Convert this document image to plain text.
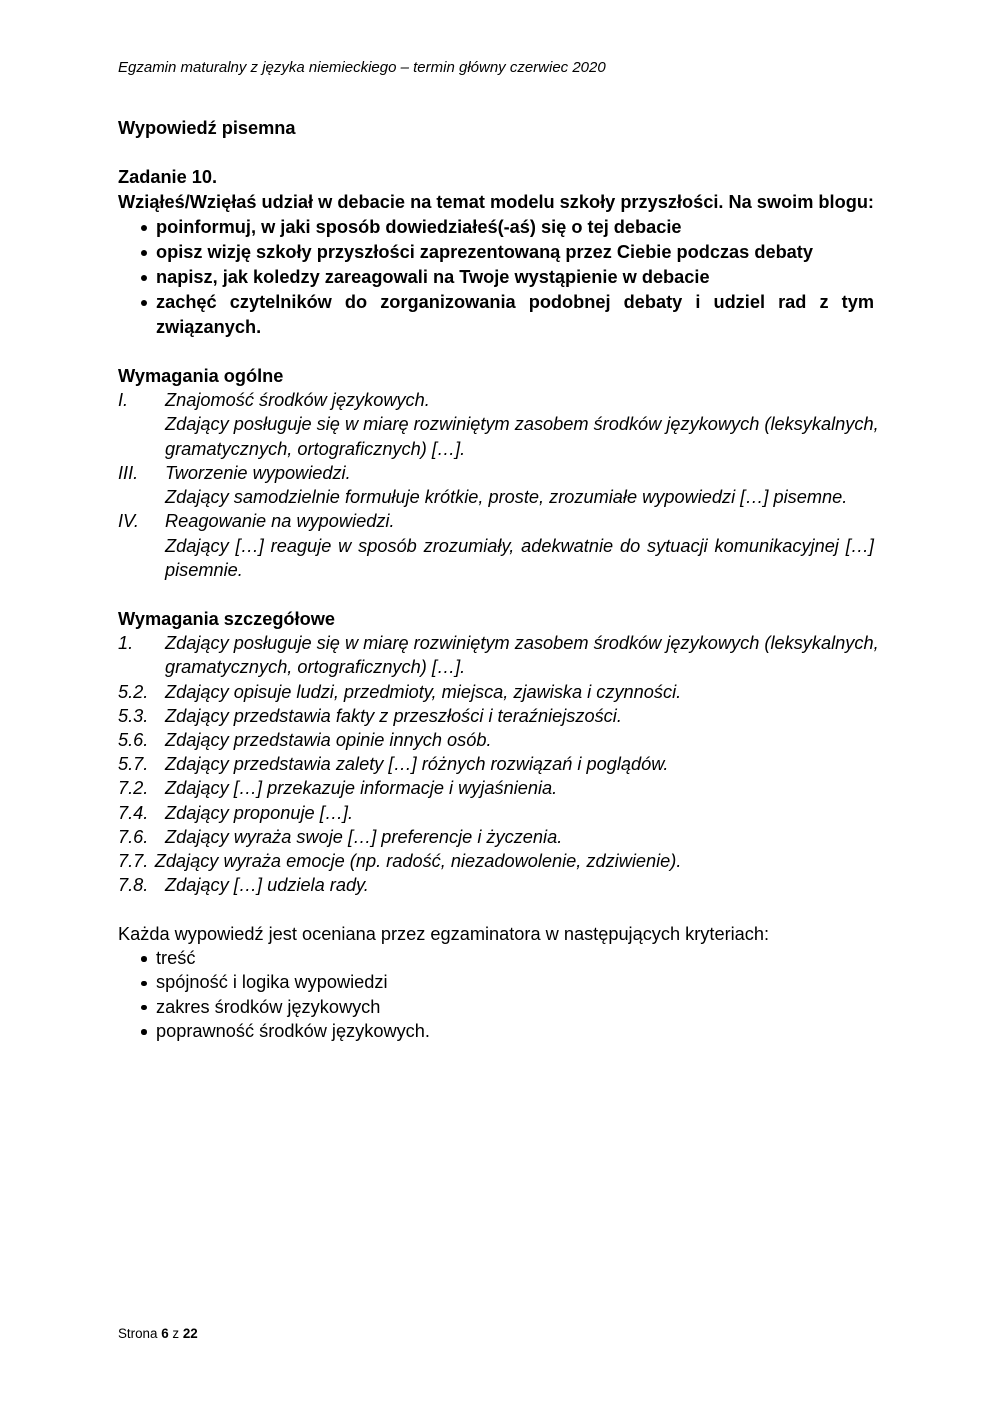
Egzamin maturalny z języka niemieckiego – termin główny czerwiec 2020
Wypowiedź pisemna
Zadanie 10.
Wziąłeś/Wzięłaś udział w debacie na temat modelu szkoły przyszłości. Na swoim blogu:
poinformuj, w jaki sposób dowiedziałeś(-aś) się o tej debacie
opisz wizję szkoły przyszłości zaprezentowaną przez Ciebie podczas debaty
napisz, jak koledzy zareagowali na Twoje wystąpienie w debacie
zachęć czytelników do zorganizowania podobnej debaty i udziel rad z tym
związanych.
Wymagania ogólne
I. Znajomość środków językowych.
Zdający posługuje się w miarę rozwiniętym zasobem środków językowych (leksykalnych,
gramatycznych, ortograficznych) […].
III. Tworzenie wypowiedzi.
Zdający samodzielnie formułuje krótkie, proste, zrozumiałe wypowiedzi […] pisemne.
IV. Reagowanie na wypowiedzi.
Zdający […] reaguje w sposób zrozumiały, adekwatnie do sytuacji komunikacyjnej […]
pisemnie.
Wymagania szczegółowe
1. Zdający posługuje się w miarę rozwiniętym zasobem środków językowych (leksykalnych,
gramatycznych, ortograficznych) […].
5.2. Zdający opisuje ludzi, przedmioty, miejsca, zjawiska i czynności.
5.3. Zdający przedstawia fakty z przeszłości i teraźniejszości.
5.6. Zdający przedstawia opinie innych osób.
5.7. Zdający przedstawia zalety […] różnych rozwiązań i poglądów.
7.2. Zdający […] przekazuje informacje i wyjaśnienia.
7.4. Zdający proponuje […].
7.6. Zdający wyraża swoje […] preferencje i życzenia.
7.7. Zdający wyraża emocje (np. radość, niezadowolenie, zdziwienie).
7.8. Zdający […] udziela rady.
Każda wypowiedź jest oceniana przez egzaminatora w następujących kryteriach:
treść
spójność i logika wypowiedzi
zakres środków językowych
poprawność środków językowych.
Strona 6 z 22
